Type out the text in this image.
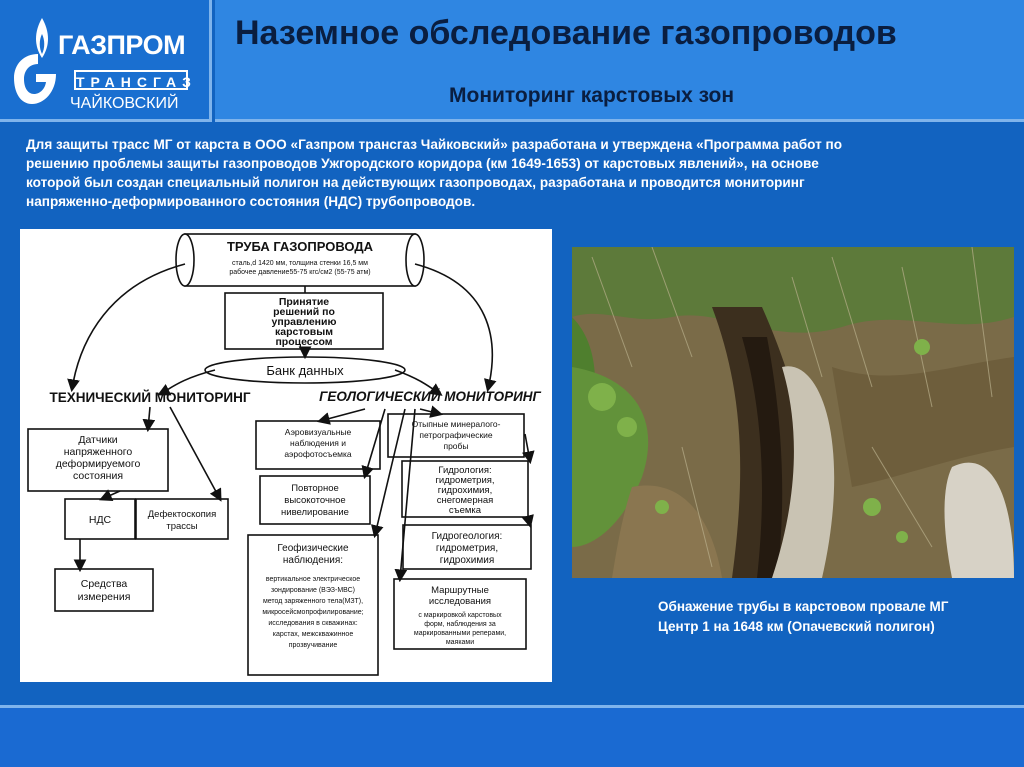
ГАЗПРОМ
ТРАНСГАЗ
ЧАЙКОВСКИЙ
Наземное обследование газопроводов
Мониторинг карстовых зон
Для защиты трасс МГ от карста в ООО «Газпром трансгаз Чайковский» разработана и утверждена «Программа работ по
решению проблемы защиты газопроводов Ужгородского коридора (км 1649-1653) от карстовых явлений», на основе
которой был создан специальный полигон на действующих газопроводах, разработана и проводится мониторинг
напряженно-деформированного состояния (НДС) трубопроводов.
ТРУБА ГАЗОПРОВОДА
сталь,d 1420 мм, толщина стенки 16,5 мм
рабочее давление55-75 кгс/см2 (55-75 атм)
Принятие
решений по
управлению
карстовым
процессом
Банк данных
ТЕХНИЧЕСКИЙ МОНИТОРИНГ	ГЕОЛОГИЧЕСКИЙ МОНИТОРИНГ
Датчики
напряженного
деформируемого
состояния
НДС	Дефектоскопия
трассы
Средства
измерения
Аэровизуальные
наблюдения и
аэрофотосъемка
Повторное
высокоточное
нивелирование
Геофизические
наблюдения:
вертикальное электрическое
зондирование (ВЭЗ-МВС)
метод заряженного тела(МЗТ),
микросейсмопрофилирование;
исследования в скважинах:
карстах, межскважинное
прозвучивание
Отыпные минералого-
петрографические
пробы
Гидрология:
гидрометрия,
гидрохимия,
снегомерная
съемка
Гидрогеология:
гидрометрия,
гидрохимия
Маршрутные
исследования
с маркировкой карстовых
форм, наблюдения за
маркированными реперами,
маяками
Обнажение трубы в карстовом провале МГ
Центр 1 на 1648 км (Опачевский полигон)
